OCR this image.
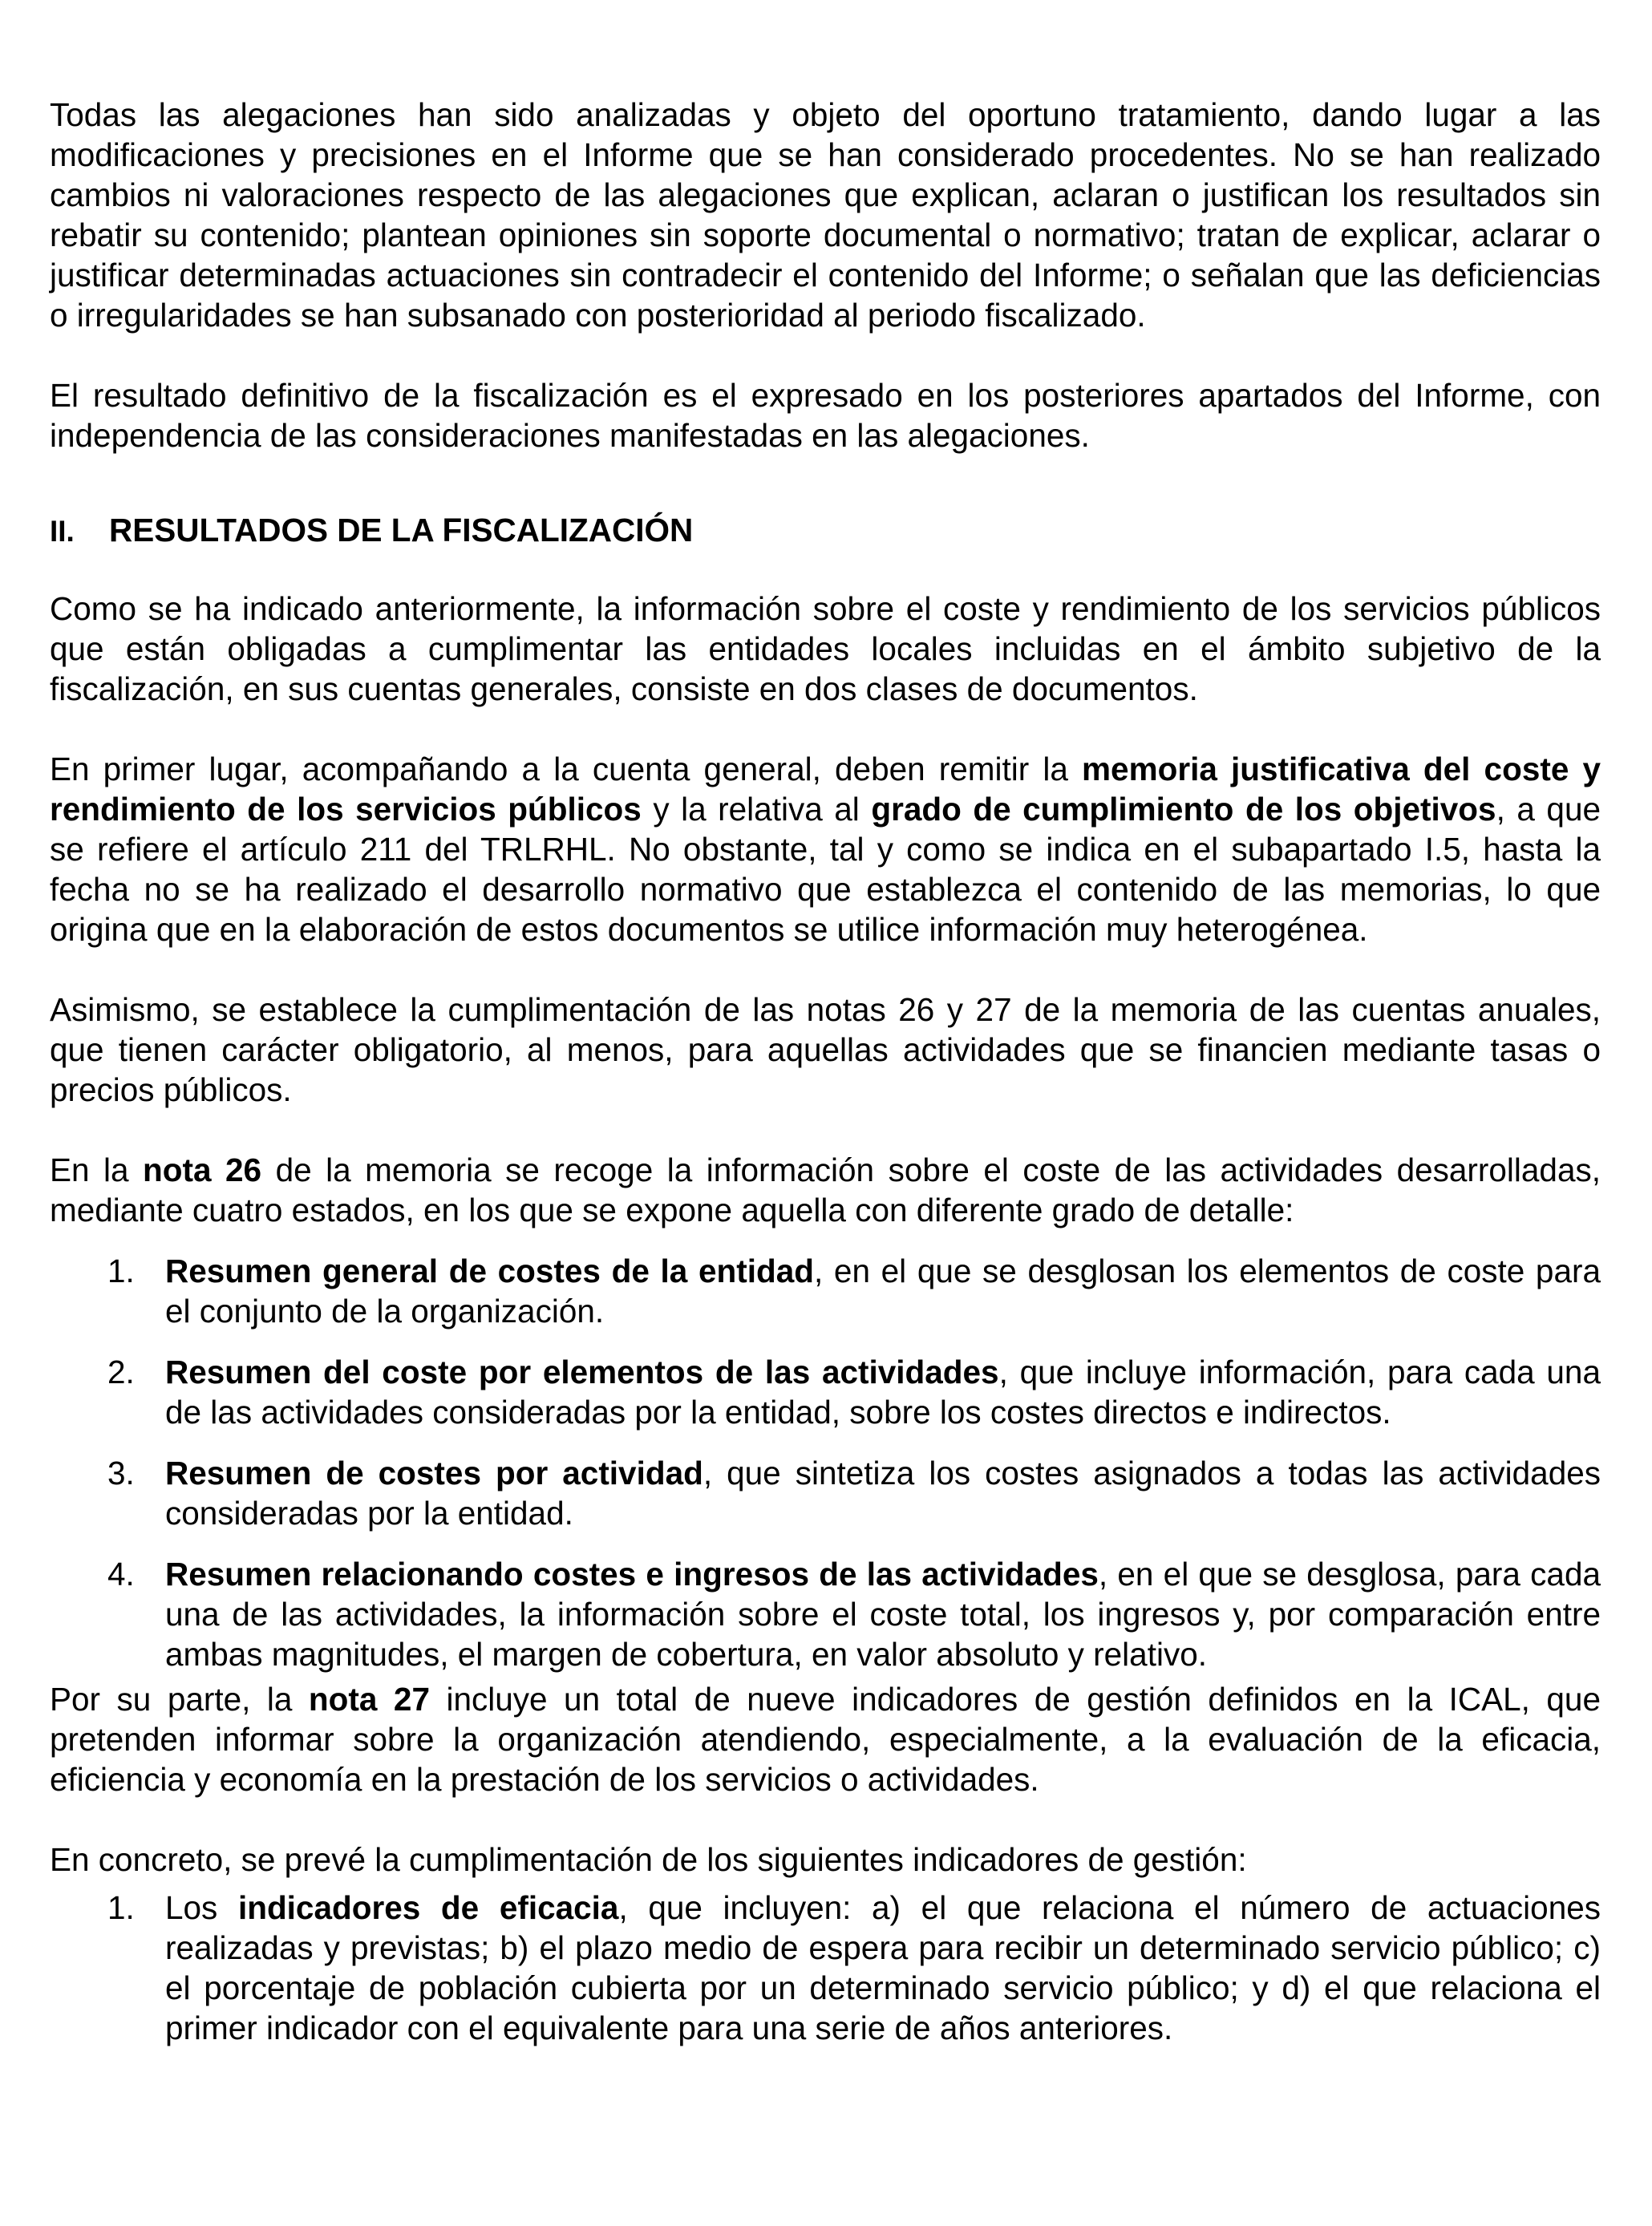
Todas las alegaciones han sido analizadas y objeto del oportuno tratamiento, dando lugar a las modificaciones y precisiones en el Informe que se han considerado procedentes. No se han realizado cambios ni valoraciones respecto de las alegaciones que explican, aclaran o justifican los resultados sin rebatir su contenido; plantean opiniones sin soporte documental o normativo; tratan de explicar, aclarar o justificar determinadas actuaciones sin contradecir el contenido del Informe; o señalan que las deficiencias o irregularidades se han subsanado con posterioridad al periodo fiscalizado.

El resultado definitivo de la fiscalización es el expresado en los posteriores apartados del Informe, con independencia de las consideraciones manifestadas en las alegaciones.

II.	RESULTADOS DE LA FISCALIZACIÓN

Como se ha indicado anteriormente, la información sobre el coste y rendimiento de los servicios públicos que están obligadas a cumplimentar las entidades locales incluidas en el ámbito subjetivo de la fiscalización, en sus cuentas generales, consiste en dos clases de documentos.

En primer lugar, acompañando a la cuenta general, deben remitir la memoria justificativa del coste y rendimiento de los servicios públicos y la relativa al grado de cumplimiento de los objetivos, a que se refiere el artículo 211 del TRLRHL. No obstante, tal y como se indica en el subapartado I.5, hasta la fecha no se ha realizado el desarrollo normativo que establezca el contenido de las memorias, lo que origina que en la elaboración de estos documentos se utilice información muy heterogénea.

Asimismo, se establece la cumplimentación de las notas 26 y 27 de la memoria de las cuentas anuales, que tienen carácter obligatorio, al menos, para aquellas actividades que se financien mediante tasas o precios públicos.

En la nota 26 de la memoria se recoge la información sobre el coste de las actividades desarrolladas, mediante cuatro estados, en los que se expone aquella con diferente grado de detalle:

1. Resumen general de costes de la entidad, en el que se desglosan los elementos de coste para el conjunto de la organización.
2. Resumen del coste por elementos de las actividades, que incluye información, para cada una de las actividades consideradas por la entidad, sobre los costes directos e indirectos.
3. Resumen de costes por actividad, que sintetiza los costes asignados a todas las actividades consideradas por la entidad.
4. Resumen relacionando costes e ingresos de las actividades, en el que se desglosa, para cada una de las actividades, la información sobre el coste total, los ingresos y, por comparación entre ambas magnitudes, el margen de cobertura, en valor absoluto y relativo.

Por su parte, la nota 27 incluye un total de nueve indicadores de gestión definidos en la ICAL, que pretenden informar sobre la organización atendiendo, especialmente, a la evaluación de la eficacia, eficiencia y economía en la prestación de los servicios o actividades.

En concreto, se prevé la cumplimentación de los siguientes indicadores de gestión:

1. Los indicadores de eficacia, que incluyen: a) el que relaciona el número de actuaciones realizadas y previstas; b) el plazo medio de espera para recibir un determinado servicio público; c) el porcentaje de población cubierta por un determinado servicio público; y d) el que relaciona el primer indicador con el equivalente para una serie de años anteriores.
